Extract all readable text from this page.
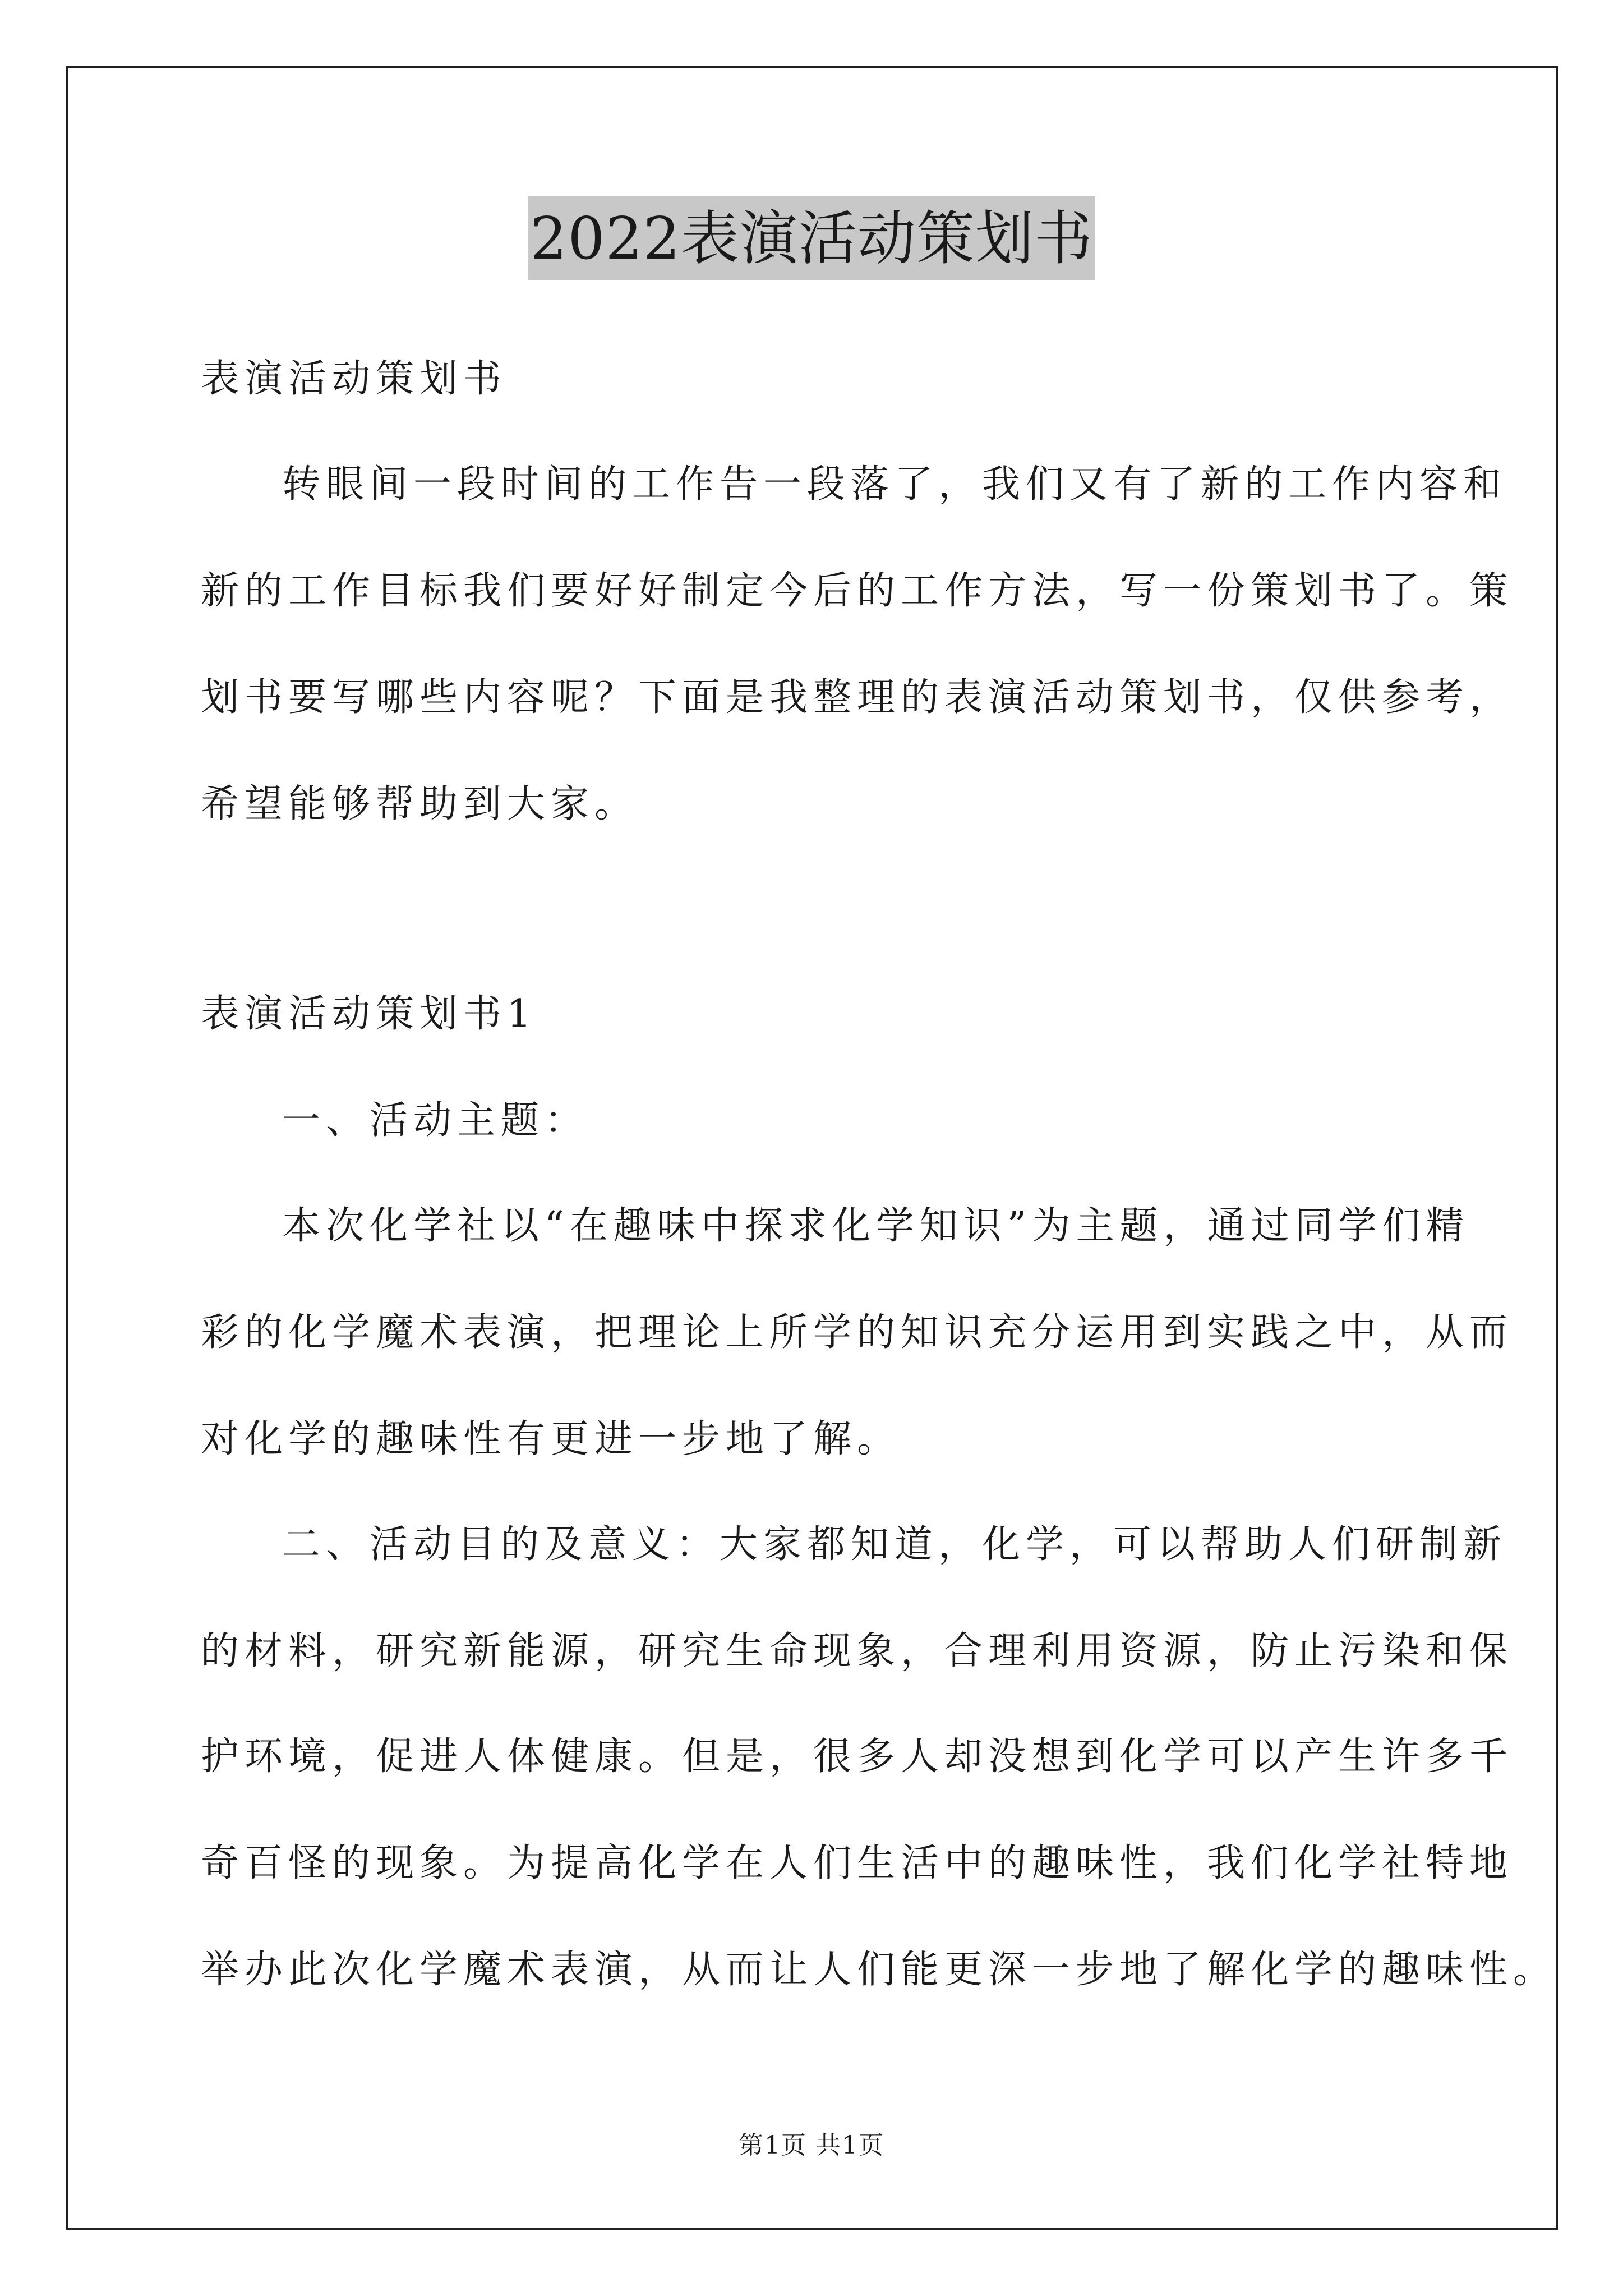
2022表演活动策划书
表演活动策划书
转眼间一段时间的工作告一段落了，我们又有了新的工作内容和
新的工作目标我们要好好制定今后的工作方法，写一份策划书了。策
划书要写哪些内容呢？下面是我整理的表演活动策划书，仅供参考，
希望能够帮助到大家。
表演活动策划书1
一、活动主题：
本次化学社以“在趣味中探求化学知识”为主题，通过同学们精
彩的化学魔术表演，把理论上所学的知识充分运用到实践之中，从而
对化学的趣味性有更进一步地了解。
二、活动目的及意义：大家都知道，化学，可以帮助人们研制新
的材料，研究新能源，研究生命现象，合理利用资源，防止污染和保
护环境，促进人体健康。但是，很多人却没想到化学可以产生许多千
奇百怪的现象。为提高化学在人们生活中的趣味性，我们化学社特地
举办此次化学魔术表演，从而让人们能更深一步地了解化学的趣味性。
第1页 共1页
